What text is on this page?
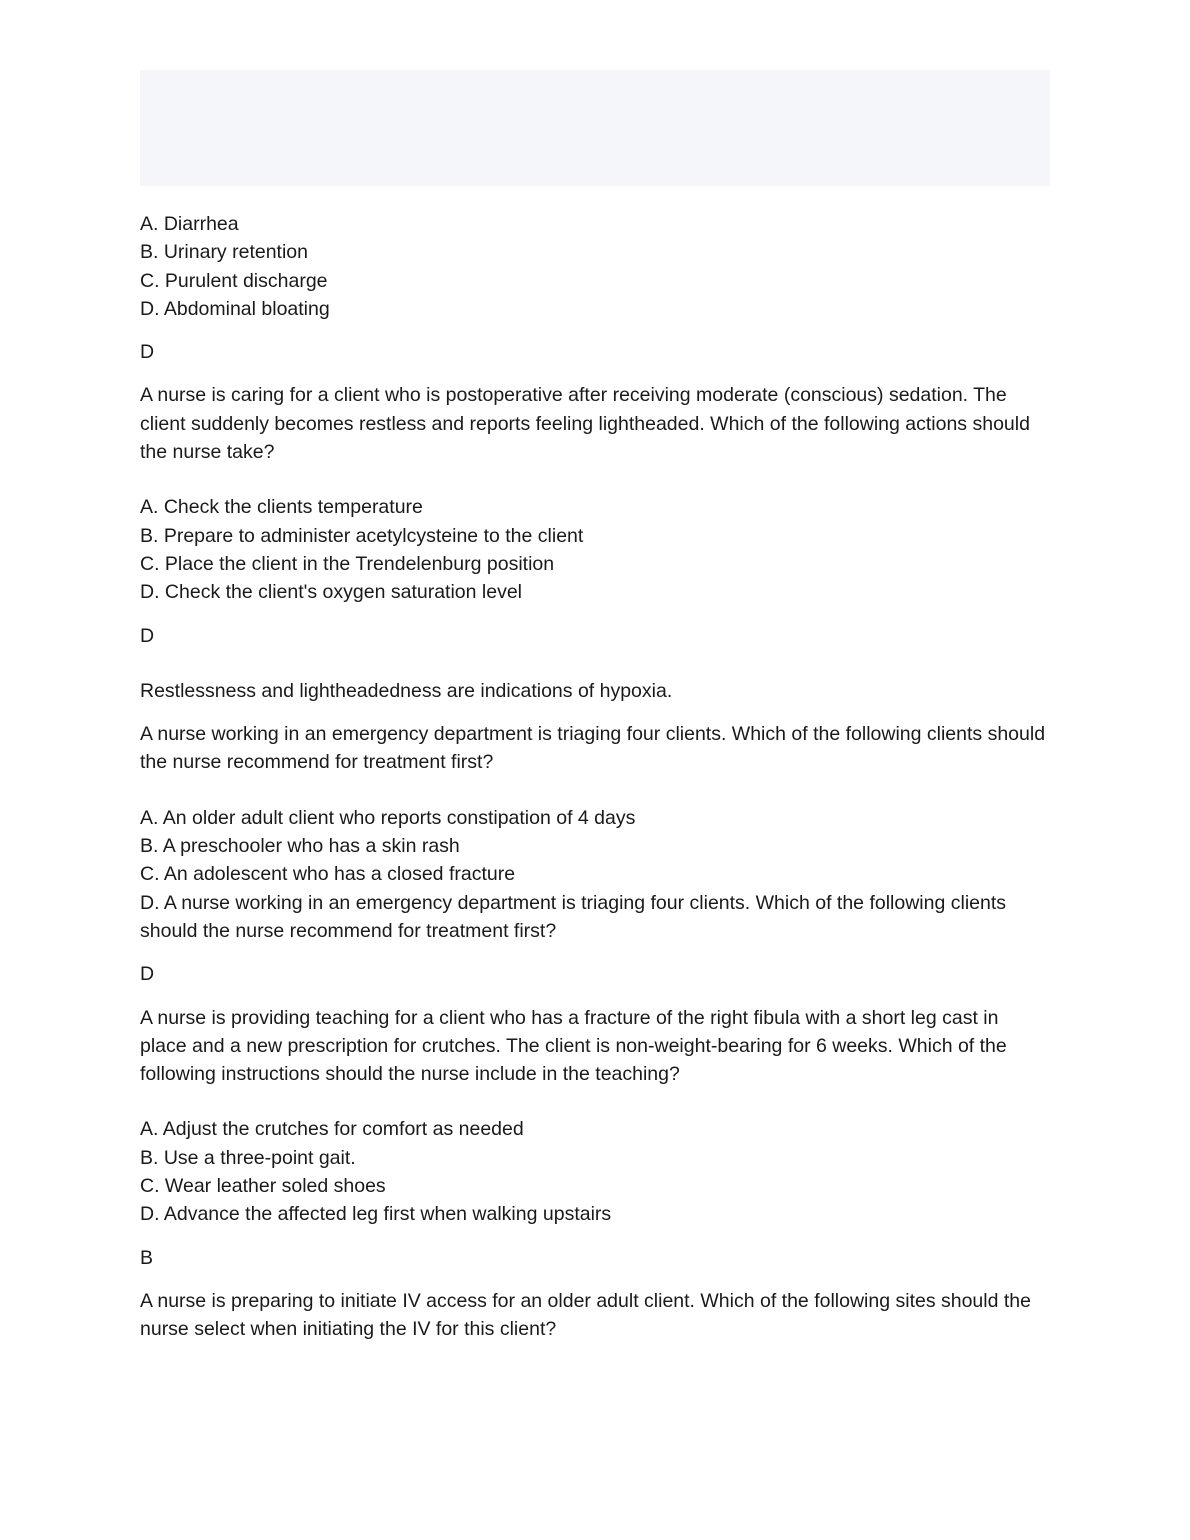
A. Diarrhea
B. Urinary retention
C. Purulent discharge
D. Abdominal bloating
D
A nurse is caring for a client who is postoperative after receiving moderate (conscious) sedation. The client suddenly becomes restless and reports feeling lightheaded. Which of the following actions should the nurse take?
A. Check the clients temperature
B. Prepare to administer acetylcysteine to the client
C. Place the client in the Trendelenburg position
D. Check the client's oxygen saturation level
D
Restlessness and lightheadedness are indications of hypoxia.
A nurse working in an emergency department is triaging four clients. Which of the following clients should the nurse recommend for treatment first?
A. An older adult client who reports constipation of 4 days
B. A preschooler who has a skin rash
C. An adolescent who has a closed fracture
D. A nurse working in an emergency department is triaging four clients. Which of the following clients should the nurse recommend for treatment first?
D
A nurse is providing teaching for a client who has a fracture of the right fibula with a short leg cast in place and a new prescription for crutches. The client is non-weight-bearing for 6 weeks. Which of the following instructions should the nurse include in the teaching?
A. Adjust the crutches for comfort as needed
B. Use a three-point gait.
C. Wear leather soled shoes
D. Advance the affected leg first when walking upstairs
B
A nurse is preparing to initiate IV access for an older adult client. Which of the following sites should the nurse select when initiating the IV for this client?
